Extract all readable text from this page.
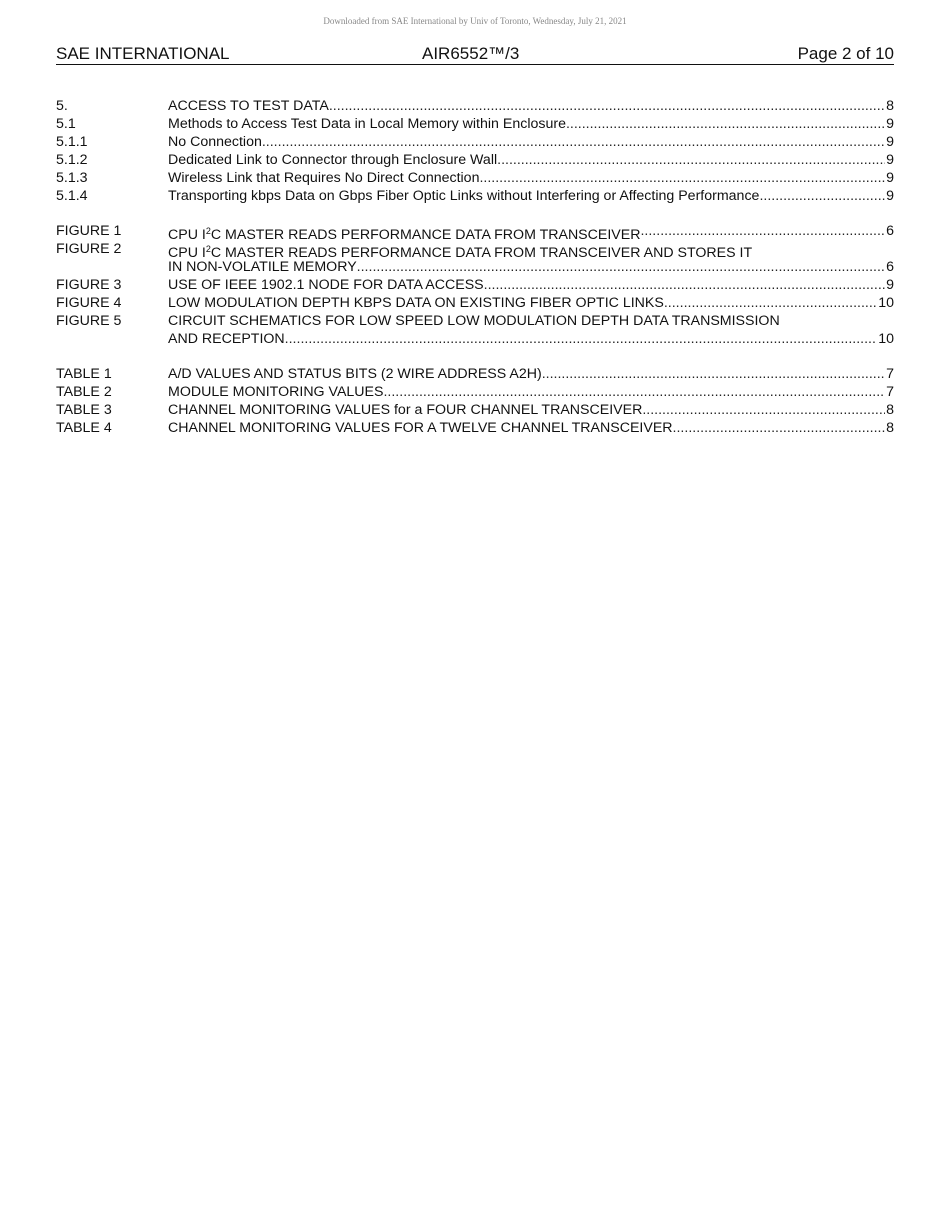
Downloaded from SAE International by Univ of Toronto, Wednesday, July 21, 2021
SAE INTERNATIONAL	AIR6552™/3	Page 2 of 10
5.	ACCESS TO TEST DATA .....	8
5.1	Methods to Access Test Data in Local Memory within Enclosure .....	9
5.1.1	No Connection .....	9
5.1.2	Dedicated Link to Connector through Enclosure Wall .....	9
5.1.3	Wireless Link that Requires No Direct Connection .....	9
5.1.4	Transporting kbps Data on Gbps Fiber Optic Links without Interfering or Affecting Performance .....	9
FIGURE 1	CPU $I^2C$ MASTER READS PERFORMANCE DATA FROM TRANSCEIVER .....	6
FIGURE 2	CPU $I^2C$ MASTER READS PERFORMANCE DATA FROM TRANSCEIVER AND STORES IT
IN NON-VOLATILE MEMORY .....	6
FIGURE 3	USE OF IEEE 1902.1 NODE FOR DATA ACCESS .....	9
FIGURE 4	LOW MODULATION DEPTH KBPS DATA ON EXISTING FIBER OPTIC LINKS .....	10
FIGURE 5	CIRCUIT SCHEMATICS FOR LOW SPEED LOW MODULATION DEPTH DATA TRANSMISSION
AND RECEPTION .....	10
TABLE 1	A/D VALUES AND STATUS BITS (2 WIRE ADDRESS A2H) .....	7
TABLE 2	MODULE MONITORING VALUES .....	7
TABLE 3	CHANNEL MONITORING VALUES for a FOUR CHANNEL TRANSCEIVER .....	8
TABLE 4	CHANNEL MONITORING VALUES FOR A TWELVE CHANNEL TRANSCEIVER .....	8
